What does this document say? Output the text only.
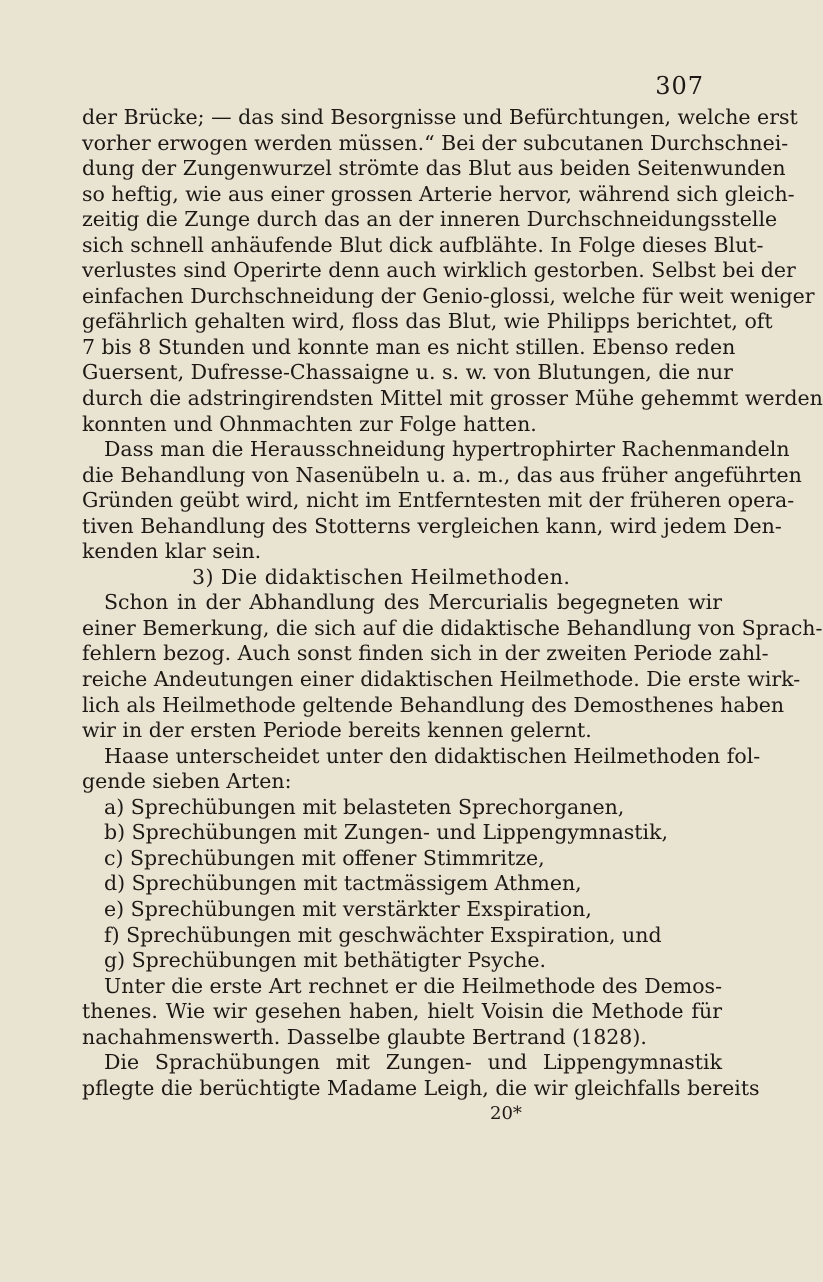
307
der Brücke; — das sind Besorgnisse und Befürchtungen, welche erst
vorher erwogen werden müssen.“ Bei der subcutanen Durchschnei-
dung der Zungenwurzel strömte das Blut aus beiden Seitenwunden
so heftig, wie aus einer grossen Arterie hervor, während sich gleich-
zeitig die Zunge durch das an der inneren Durchschneidungsstelle
sich schnell anhäufende Blut dick aufblähte. In Folge dieses Blut-
verlustes sind Operirte denn auch wirklich gestorben. Selbst bei der
einfachen Durchschneidung der Genio-glossi, welche für weit weniger
gefährlich gehalten wird, floss das Blut, wie Philipps berichtet, oft
7 bis 8 Stunden und konnte man es nicht stillen. Ebenso reden
Guersent, Dufresse-Chassaigne u. s. w. von Blutungen, die nur
durch die adstringirendsten Mittel mit grosser Mühe gehemmt werden
konnten und Ohnmachten zur Folge hatten.
Dass man die Herausschneidung hypertrophirter Rachenmandeln
die Behandlung von Nasenübeln u. a. m., das aus früher angeführten
Gründen geübt wird, nicht im Entferntesten mit der früheren opera-
tiven Behandlung des Stotterns vergleichen kann, wird jedem Den-
kenden klar sein.
3) Die didaktischen Heilmethoden.
Schon in der Abhandlung des Mercurialis begegneten wir
einer Bemerkung, die sich auf die didaktische Behandlung von Sprach-
fehlern bezog. Auch sonst finden sich in der zweiten Periode zahl-
reiche Andeutungen einer didaktischen Heilmethode. Die erste wirk-
lich als Heilmethode geltende Behandlung des Demosthenes haben
wir in der ersten Periode bereits kennen gelernt.
Haase unterscheidet unter den didaktischen Heilmethoden fol-
gende sieben Arten:
a) Sprechübungen mit belasteten Sprechorganen,
b) Sprechübungen mit Zungen- und Lippengymnastik,
c) Sprechübungen mit offener Stimmritze,
d) Sprechübungen mit tactmässigem Athmen,
e) Sprechübungen mit verstärkter Exspiration,
f) Sprechübungen mit geschwächter Exspiration, und
g) Sprechübungen mit bethätigter Psyche.
Unter die erste Art rechnet er die Heilmethode des Demos-
thenes. Wie wir gesehen haben, hielt Voisin die Methode für
nachahmenswerth. Dasselbe glaubte Bertrand (1828).
Die Sprachübungen mit Zungen- und Lippengymnastik
pflegte die berüchtigte Madame Leigh, die wir gleichfalls bereits
20*
